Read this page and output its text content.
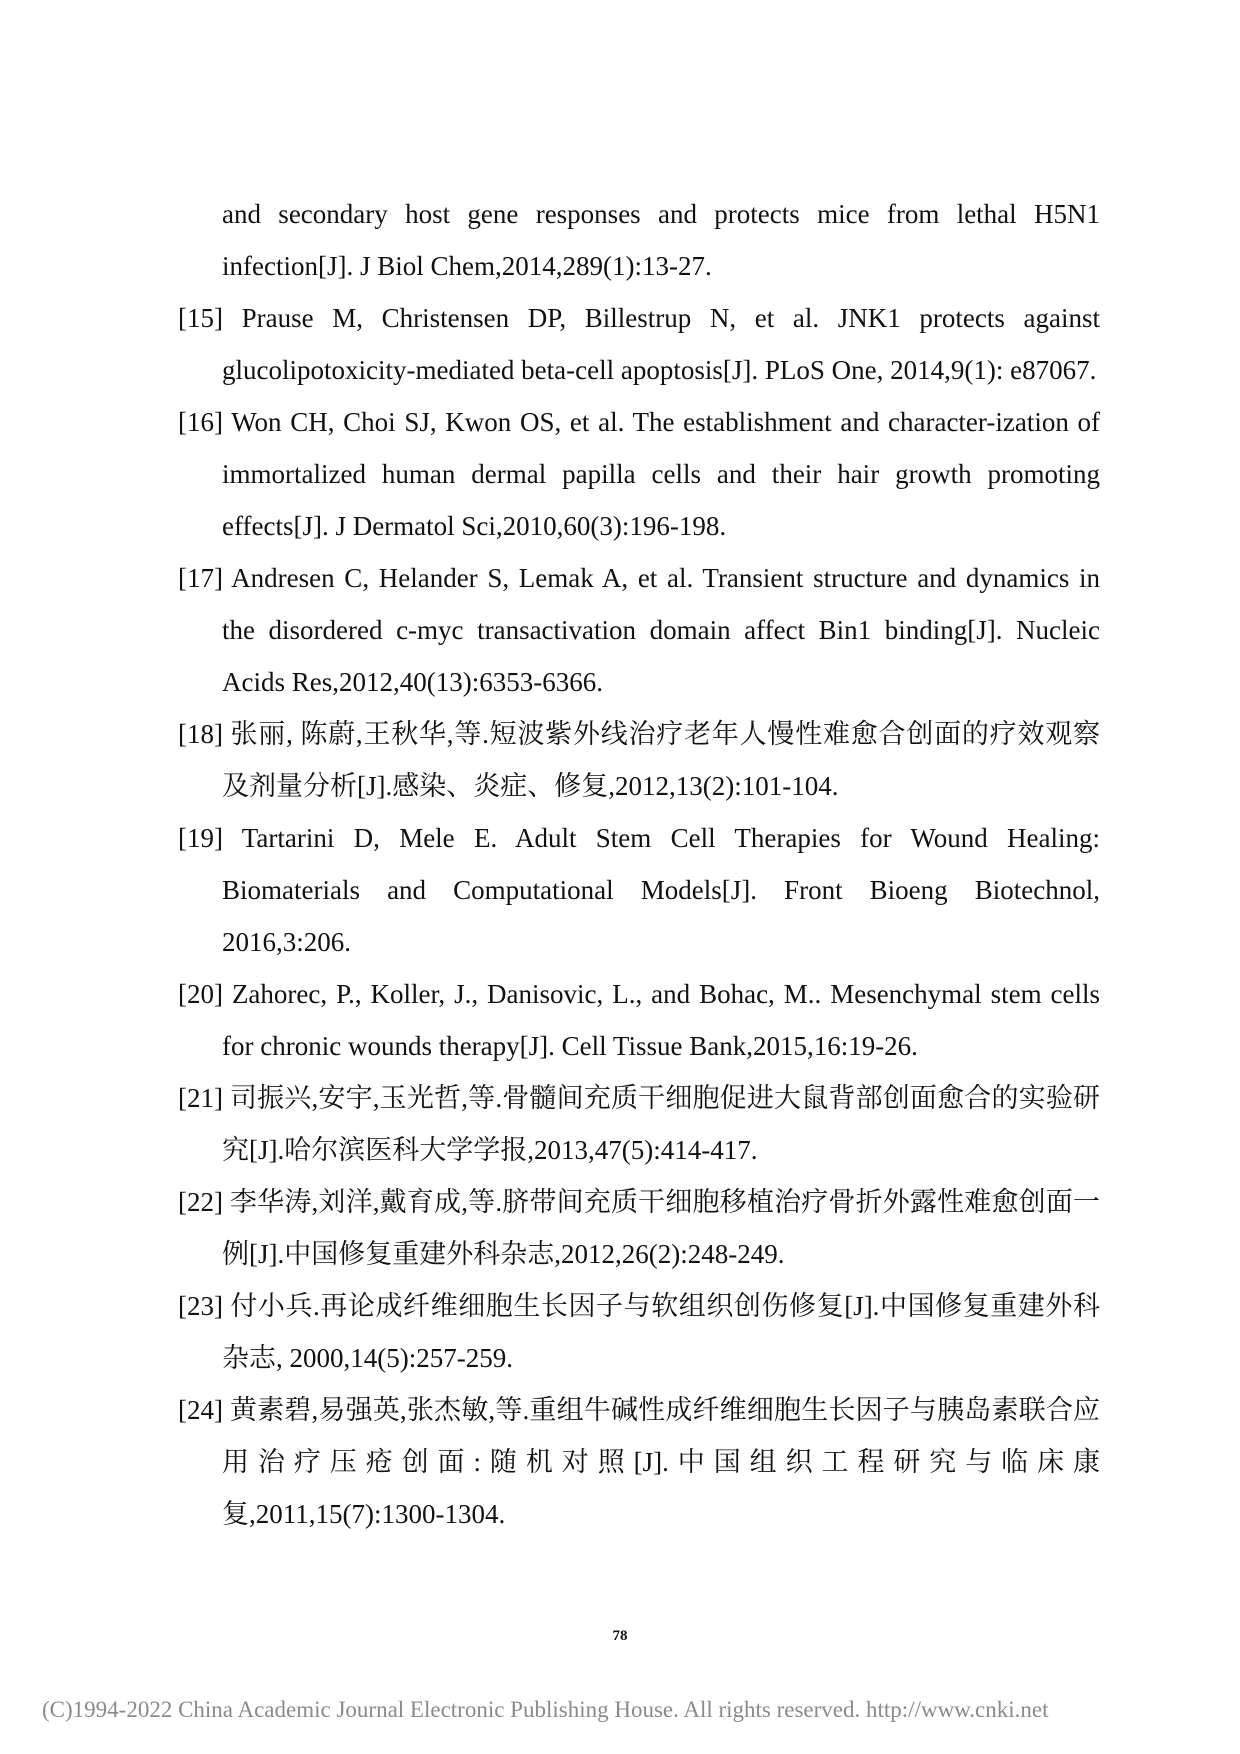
and secondary host gene responses and protects mice from lethal H5N1 infection[J]. J Biol Chem,2014,289(1):13-27.
[15] Prause M, Christensen DP, Billestrup N, et al. JNK1 protects against glucolipotoxicity-mediated beta-cell apoptosis[J]. PLoS One, 2014,9(1): e87067.
[16] Won CH, Choi SJ, Kwon OS, et al. The establishment and character-ization of immortalized human dermal papilla cells and their hair growth promoting effects[J]. J Dermatol Sci,2010,60(3):196-198.
[17] Andresen C, Helander S, Lemak A, et al. Transient structure and dynamics in the disordered c-myc transactivation domain affect Bin1 binding[J]. Nucleic Acids Res,2012,40(13):6353-6366.
[18] 张丽, 陈蔚,王秋华,等.短波紫外线治疗老年人慢性难愈合创面的疗效观察及剂量分析[J].感染、炎症、修复,2012,13(2):101-104.
[19] Tartarini D, Mele E. Adult Stem Cell Therapies for Wound Healing: Biomaterials and Computational Models[J]. Front Bioeng Biotechnol, 2016,3:206.
[20] Zahorec, P., Koller, J., Danisovic, L., and Bohac, M.. Mesenchymal stem cells for chronic wounds therapy[J]. Cell Tissue Bank,2015,16:19-26.
[21] 司振兴,安宇,玉光哲,等.骨髓间充质干细胞促进大鼠背部创面愈合的实验研究[J].哈尔滨医科大学学报,2013,47(5):414-417.
[22] 李华涛,刘洋,戴育成,等.脐带间充质干细胞移植治疗骨折外露性难愈创面一例[J].中国修复重建外科杂志,2012,26(2):248-249.
[23] 付小兵.再论成纤维细胞生长因子与软组织创伤修复[J].中国修复重建外科杂志, 2000,14(5):257-259.
[24] 黄素碧,易强英,张杰敏,等.重组牛碱性成纤维细胞生长因子与胰岛素联合应用治疗压疮创面:随机对照[J].中国组织工程研究与临床康复,2011,15(7):1300-1304.
78
(C)1994-2022 China Academic Journal Electronic Publishing House. All rights reserved. http://www.cnki.net
